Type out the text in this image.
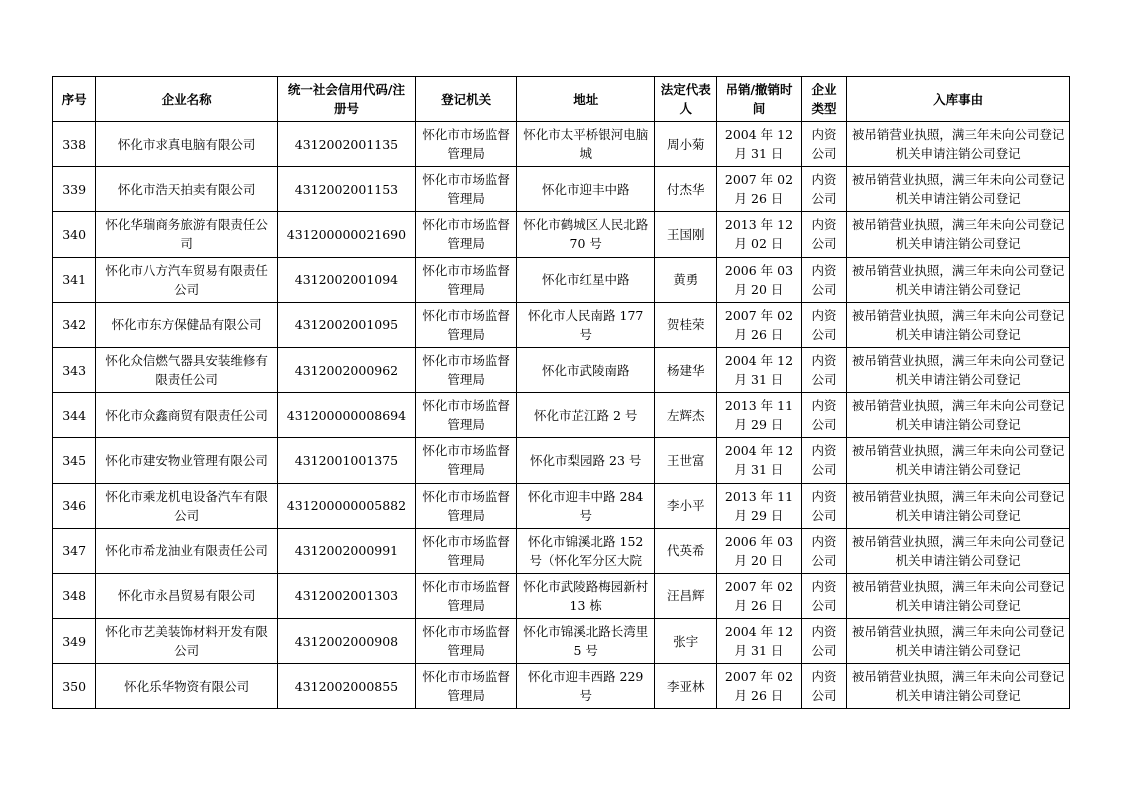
序号	企业名称	统一社会信用代码/注册号	登记机关	地址	法定代表人	吊销/撤销时间	企业类型	入库事由

338	怀化市求真电脑有限公司	4312002001135	怀化市市场监督管理局	怀化市太平桥银河电脑城	周小菊	2004 年 12 月 31 日	内资公司	被吊销营业执照，满三年未向公司登记机关申请注销公司登记

339	怀化市浩天拍卖有限公司	4312002001153	怀化市市场监督管理局	怀化市迎丰中路	付杰华	2007 年 02 月 26 日	内资公司	被吊销营业执照，满三年未向公司登记机关申请注销公司登记

340	怀化华瑞商务旅游有限责任公司	431200000021690	怀化市市场监督管理局	怀化市鹤城区人民北路 70 号	王国刚	2013 年 12 月 02 日	内资公司	被吊销营业执照，满三年未向公司登记机关申请注销公司登记

341	怀化市八方汽车贸易有限责任公司	4312002001094	怀化市市场监督管理局	怀化市红星中路	黄勇	2006 年 03 月 20 日	内资公司	被吊销营业执照，满三年未向公司登记机关申请注销公司登记

342	怀化市东方保健品有限公司	4312002001095	怀化市市场监督管理局	怀化市人民南路 177 号	贺桂荣	2007 年 02 月 26 日	内资公司	被吊销营业执照，满三年未向公司登记机关申请注销公司登记

343	怀化众信燃气器具安装维修有限责任公司	4312002000962	怀化市市场监督管理局	怀化市武陵南路	杨建华	2004 年 12 月 31 日	内资公司	被吊销营业执照，满三年未向公司登记机关申请注销公司登记

344	怀化市众鑫商贸有限责任公司	431200000008694	怀化市市场监督管理局	怀化市芷江路 2 号	左辉杰	2013 年 11 月 29 日	内资公司	被吊销营业执照，满三年未向公司登记机关申请注销公司登记

345	怀化市建安物业管理有限公司	4312001001375	怀化市市场监督管理局	怀化市梨园路 23 号	王世富	2004 年 12 月 31 日	内资公司	被吊销营业执照，满三年未向公司登记机关申请注销公司登记

346	怀化市乘龙机电设备汽车有限公司	431200000005882	怀化市市场监督管理局	怀化市迎丰中路 284 号	李小平	2013 年 11 月 29 日	内资公司	被吊销营业执照，满三年未向公司登记机关申请注销公司登记

347	怀化市希龙油业有限责任公司	4312002000991	怀化市市场监督管理局	怀化市锦溪北路 152 号（怀化军分区大院	代英希	2006 年 03 月 20 日	内资公司	被吊销营业执照，满三年未向公司登记机关申请注销公司登记

348	怀化市永昌贸易有限公司	4312002001303	怀化市市场监督管理局	怀化市武陵路梅园新村 13 栋	汪昌辉	2007 年 02 月 26 日	内资公司	被吊销营业执照，满三年未向公司登记机关申请注销公司登记

349	怀化市艺美装饰材料开发有限公司	4312002000908	怀化市市场监督管理局	怀化市锦溪北路长湾里 5 号	张宇	2004 年 12 月 31 日	内资公司	被吊销营业执照，满三年未向公司登记机关申请注销公司登记

350	怀化乐华物资有限公司	4312002000855	怀化市市场监督管理局	怀化市迎丰西路 229 号	李亚林	2007 年 02 月 26 日	内资公司	被吊销营业执照，满三年未向公司登记机关申请注销公司登记
